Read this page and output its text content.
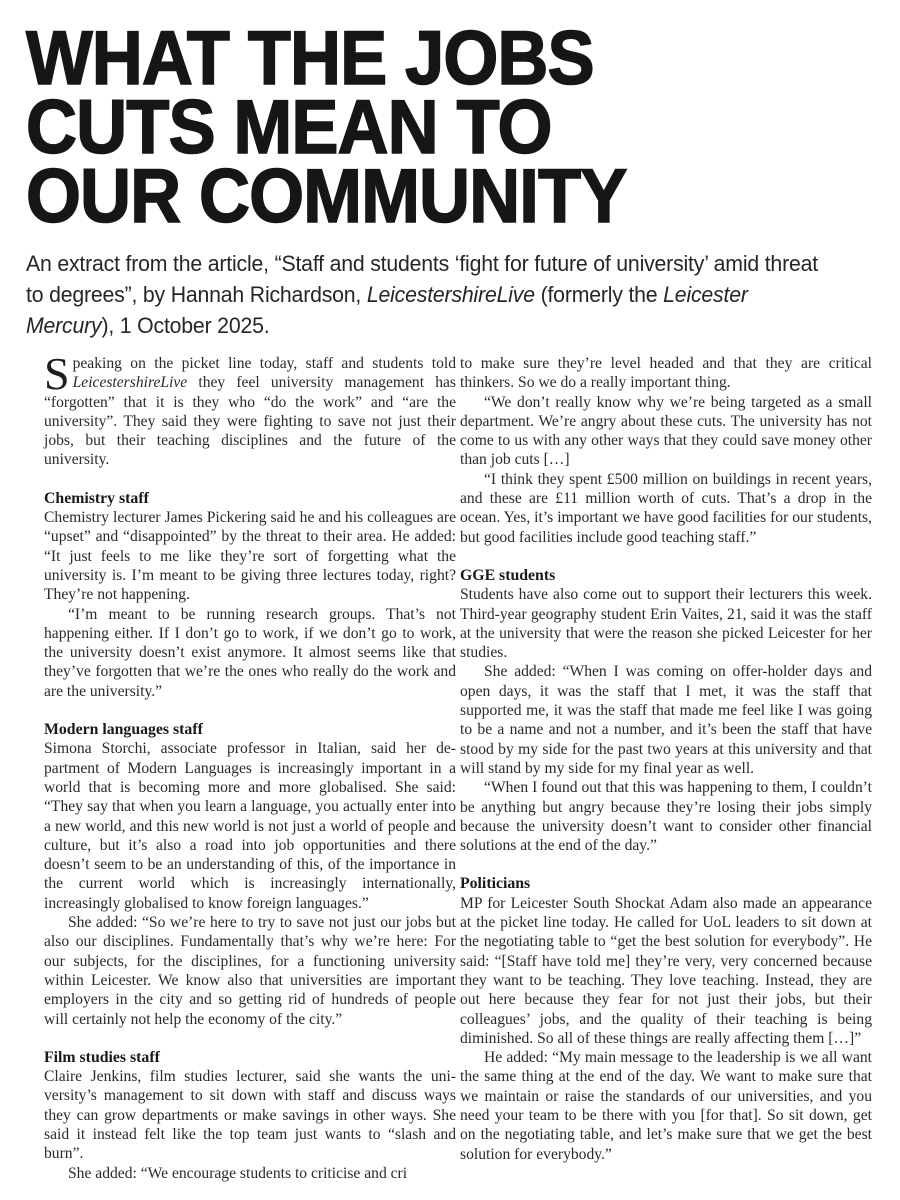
WHAT THE JOBS
CUTS MEAN TO
OUR COMMUNITY

An extract from the article, “Staff and students ‘fight for future of university’ amid threat to degrees”, by Hannah Richardson, LeicestershireLive (formerly the Leicester Mercury), 1 October 2025.

Speaking on the picket line today, staff and students told LeicestershireLive they feel university management has “forgotten” that it is they who “do the work” and “are the university”. They said they were fighting to save not just their jobs, but their teaching disciplines and the future of the university.

Chemistry staff

Chemistry lecturer James Pickering said he and his colleagues are “upset” and “disappointed” by the threat to their area. He added: “It just feels to me like they’re sort of forgetting what the university is. I’m meant to be giving three lectures today, right? They’re not happening.

“I’m meant to be running research groups. That’s not happening either. If I don’t go to work, if we don’t go to work, the university doesn’t exist anymore. It almost seems like that they’ve forgotten that we’re the ones who really do the work and are the university.”

Modern languages staff

Simona Storchi, associate professor in Italian, said her department of Modern Languages is increasingly important in a world that is becoming more and more globalised. She said: “They say that when you learn a language, you actually enter into a new world, and this new world is not just a world of people and culture, but it’s also a road into job opportunities and there doesn’t seem to be an understanding of this, of the importance in the current world which is increasingly internationally, increasingly globalised to know foreign languages.”

She added: “So we’re here to try to save not just our jobs but also our disciplines. Fundamentally that’s why we’re here: For our subjects, for the disciplines, for a functioning university within Leicester. We know also that universities are important employers in the city and so getting rid of hundreds of people will certainly not help the economy of the city.”

Film studies staff

Claire Jenkins, film studies lecturer, said she wants the university’s management to sit down with staff and discuss ways they can grow departments or make savings in other ways. She said it instead felt like the top team just wants to “slash and burn”.

She added: “We encourage students to criticise and cri

to make sure they’re level headed and that they are critical thinkers. So we do a really important thing.

“We don’t really know why we’re being targeted as a small department. We’re angry about these cuts. The university has not come to us with any other ways that they could save money other than job cuts […]

“I think they spent £500 million on buildings in recent years, and these are £11 million worth of cuts. That’s a drop in the ocean. Yes, it’s important we have good facilities for our students, but good facilities include good teaching staff.”

GGE students

Students have also come out to support their lecturers this week. Third-year geography student Erin Vaites, 21, said it was the staff at the university that were the reason she picked Leicester for her studies.

She added: “When I was coming on offer-holder days and open days, it was the staff that I met, it was the staff that supported me, it was the staff that made me feel like I was going to be a name and not a number, and it’s been the staff that have stood by my side for the past two years at this university and that will stand by my side for my final year as well.

“When I found out that this was happening to them, I couldn’t be anything but angry because they’re losing their jobs simply because the university doesn’t want to consider other financial solutions at the end of the day.”

Politicians

MP for Leicester South Shockat Adam also made an appearance at the picket line today. He called for UoL leaders to sit down at the negotiating table to “get the best solution for everybody”. He said: “[Staff have told me] they’re very, very concerned because they want to be teaching. They love teaching. Instead, they are out here because they fear for not just their jobs, but their colleagues’ jobs, and the quality of their teaching is being diminished. So all of these things are really affecting them […]”

He added: “My main message to the leadership is we all want the same thing at the end of the day. We want to make sure that we maintain or raise the standards of our universities, and you need your team to be there with you [for that]. So sit down, get on the negotiating table, and let’s make sure that we get the best solution for everybody.”
